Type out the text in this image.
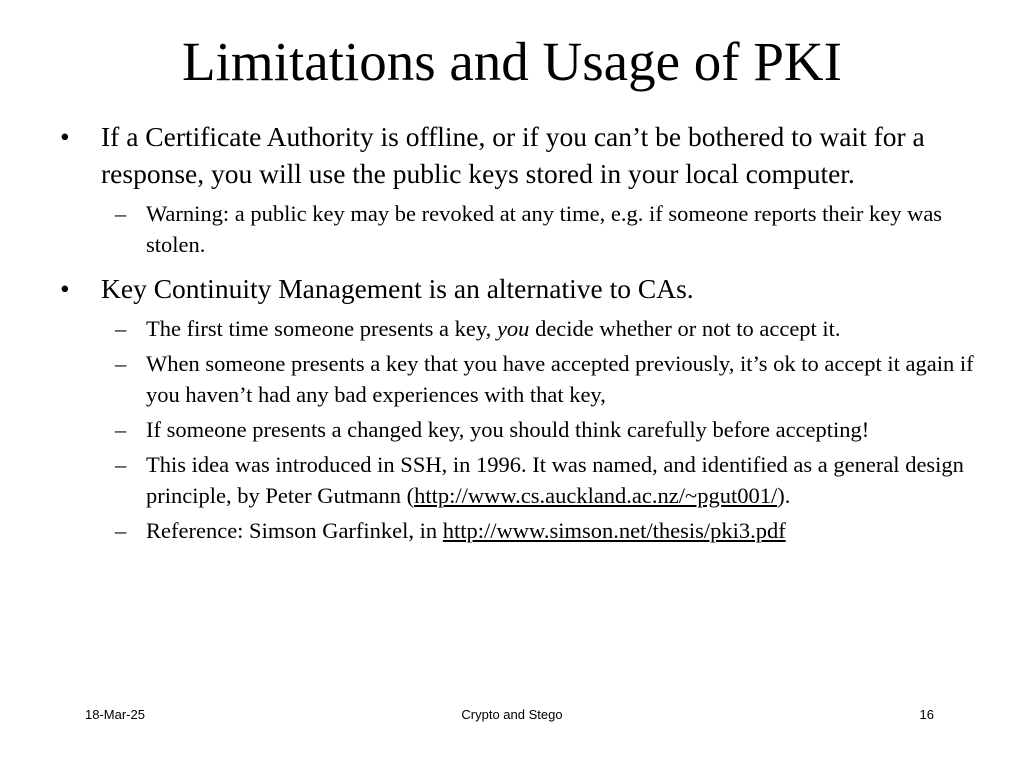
Limitations and Usage of PKI
• If a Certificate Authority is offline, or if you can’t be bothered to wait for a response, you will use the public keys stored in your local computer.
– Warning: a public key may be revoked at any time, e.g. if someone reports their key was stolen.
• Key Continuity Management is an alternative to CAs.
– The first time someone presents a key, you decide whether or not to accept it.
– When someone presents a key that you have accepted previously, it’s ok to accept it again if you haven’t had any bad experiences with that key,
– If someone presents a changed key, you should think carefully before accepting!
– This idea was introduced in SSH, in 1996. It was named, and identified as a general design principle, by Peter Gutmann (http://www.cs.auckland.ac.nz/~pgut001/).
– Reference: Simson Garfinkel, in http://www.simson.net/thesis/pki3.pdf
18-Mar-25	Crypto and Stego	16
